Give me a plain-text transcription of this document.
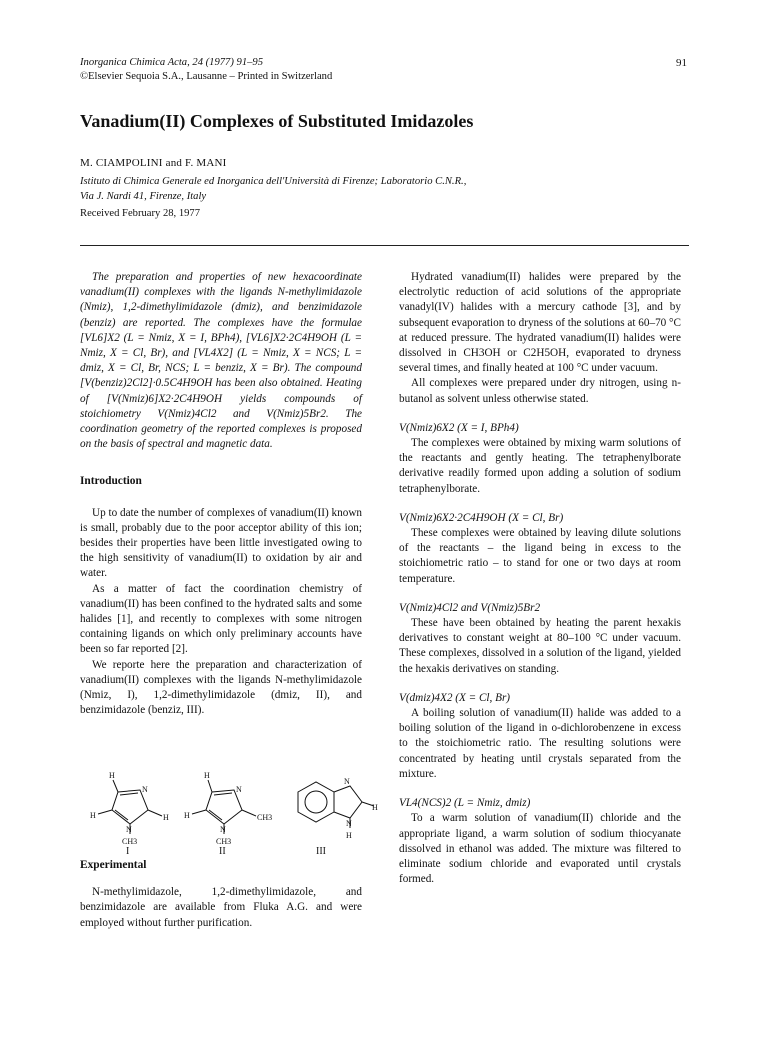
Inorganica Chimica Acta, 24 (1977) 91–95
©Elsevier Sequoia S.A., Lausanne – Printed in Switzerland
91
Vanadium(II) Complexes of Substituted Imidazoles
M. CIAMPOLINI and F. MANI
Istituto di Chimica Generale ed Inorganica dell'Università di Firenze; Laboratorio C.N.R.,
Via J. Nardi 41, Firenze, Italy
Received February 28, 1977

The preparation and properties of new hexacoordinate vanadium(II) complexes with the ligands N-methylimidazole (Nmiz), 1,2-dimethylimidazole (dmiz), and benzimidazole (benziz) are reported. The complexes have the formulae [VL6]X2 (L = Nmiz, X = I, BPh4), [VL6]X2·2C4H9OH (L = Nmiz, X = Cl, Br), and [VL4X2] (L = Nmiz, X = NCS; L = dmiz, X = Cl, Br, NCS; L = benziz, X = Br). The compound [V(benziz)2Cl2]·0.5C4H9OH has been also obtained. Heating of [V(Nmiz)6]X2·2C4H9OH yields compounds of stoichiometry V(Nmiz)4Cl2 and V(Nmiz)5Br2. The coordination geometry of the reported complexes is proposed on the basis of spectral and magnetic data.

Introduction

Up to date the number of complexes of vanadium(II) known is small, probably due to the poor acceptor ability of this ion; besides their properties have been little investigated owing to the high sensitivity of vanadium(II) to oxidation by air and water.

As a matter of fact the coordination chemistry of vanadium(II) has been confined to the hydrated salts and some halides [1], and recently to complexes with some nitrogen containing ligands on which only preliminary accounts have been so far reported [2].

We reporte here the preparation and characterization of vanadium(II) complexes with the ligands N-methylimidazole (Nmiz, I), 1,2-dimethylimidazole (dmiz, II), and benzimidazole (benziz, III).

H
N
H
H
N
CH3
H
N
CH3
H
N
CH3
N
H
N
H
I	II	III

Experimental

N-methylimidazole, 1,2-dimethylimidazole, and benzimidazole are available from Fluka A.G. and were employed without further purification.

Hydrated vanadium(II) halides were prepared by the electrolytic reduction of acid solutions of the appropriate vanadyl(IV) halides with a mercury cathode [3], and by subsequent evaporation to dryness of the solutions at 60–70 °C at reduced pressure. The hydrated vanadium(II) halides were dissolved in CH3OH or C2H5OH, evaporated to dryness several times, and finally heated at 100 °C under vacuum.

All complexes were prepared under dry nitrogen, using n-butanol as solvent unless otherwise stated.

V(Nmiz)6X2 (X = I, BPh4)

The complexes were obtained by mixing warm solutions of the reactants and gently heating. The tetraphenylborate derivative readily formed upon adding a solution of sodium tetraphenylborate.

V(Nmiz)6X2·2C4H9OH (X = Cl, Br)

These complexes were obtained by leaving dilute solutions of the reactants – the ligand being in excess to the stoichiometric ratio – to stand for one or two days at room temperature.

V(Nmiz)4Cl2 and V(Nmiz)5Br2

These have been obtained by heating the parent hexakis derivatives to constant weight at 80–100 °C under vacuum. These complexes, dissolved in a solution of the ligand, yielded the hexakis derivatives on standing.

V(dmiz)4X2 (X = Cl, Br)

A boiling solution of vanadium(II) halide was added to a boiling solution of the ligand in o-dichlorobenzene in excess to the stoichiometric ratio. The resulting solutions were concentrated by heating until crystals separated from the mixture.

VL4(NCS)2 (L = Nmiz, dmiz)

To a warm solution of vanadium(II) chloride and the appropriate ligand, a warm solution of sodium thiocyanate dissolved in ethanol was added. The mixture was filtered to eliminate sodium chloride and evaporated until crystals formed.
